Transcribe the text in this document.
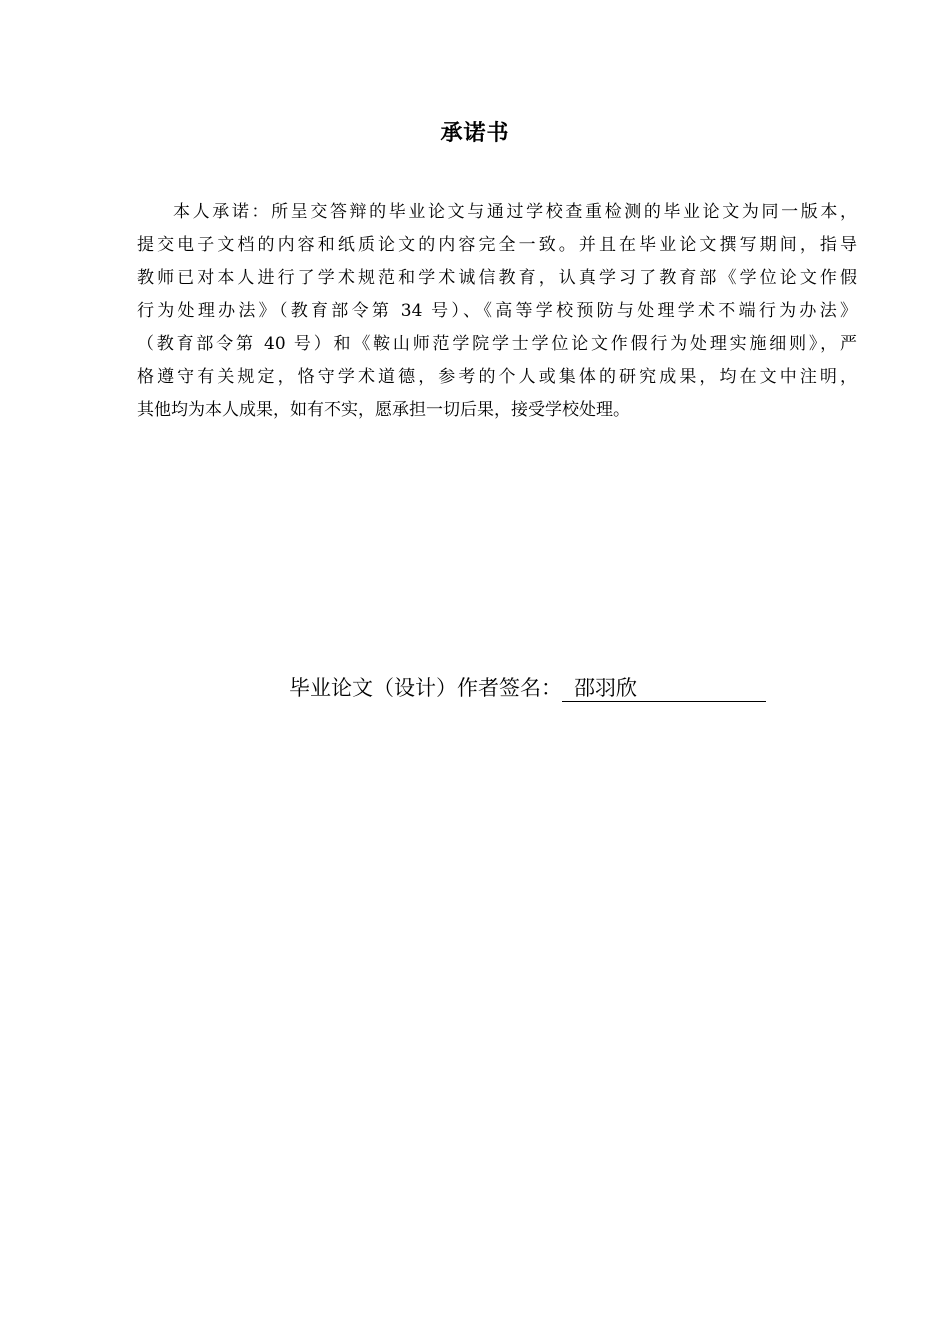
承诺书
本人承诺：所呈交答辩的毕业论文与通过学校查重检测的毕业论文为同一版本，
提交电子文档的内容和纸质论文的内容完全一致。并且在毕业论文撰写期间，指导
教师已对本人进行了学术规范和学术诚信教育，认真学习了教育部《学位论文作假
行为处理办法》（教育部令第 34 号）、《高等学校预防与处理学术不端行为办法》
（教育部令第 40 号）和《鞍山师范学院学士学位论文作假行为处理实施细则》，严
格遵守有关规定，恪守学术道德，参考的个人或集体的研究成果，均在文中注明，
其他均为本人成果，如有不实，愿承担一切后果，接受学校处理。
毕业论文（设计）作者签名： 邵羽欣
